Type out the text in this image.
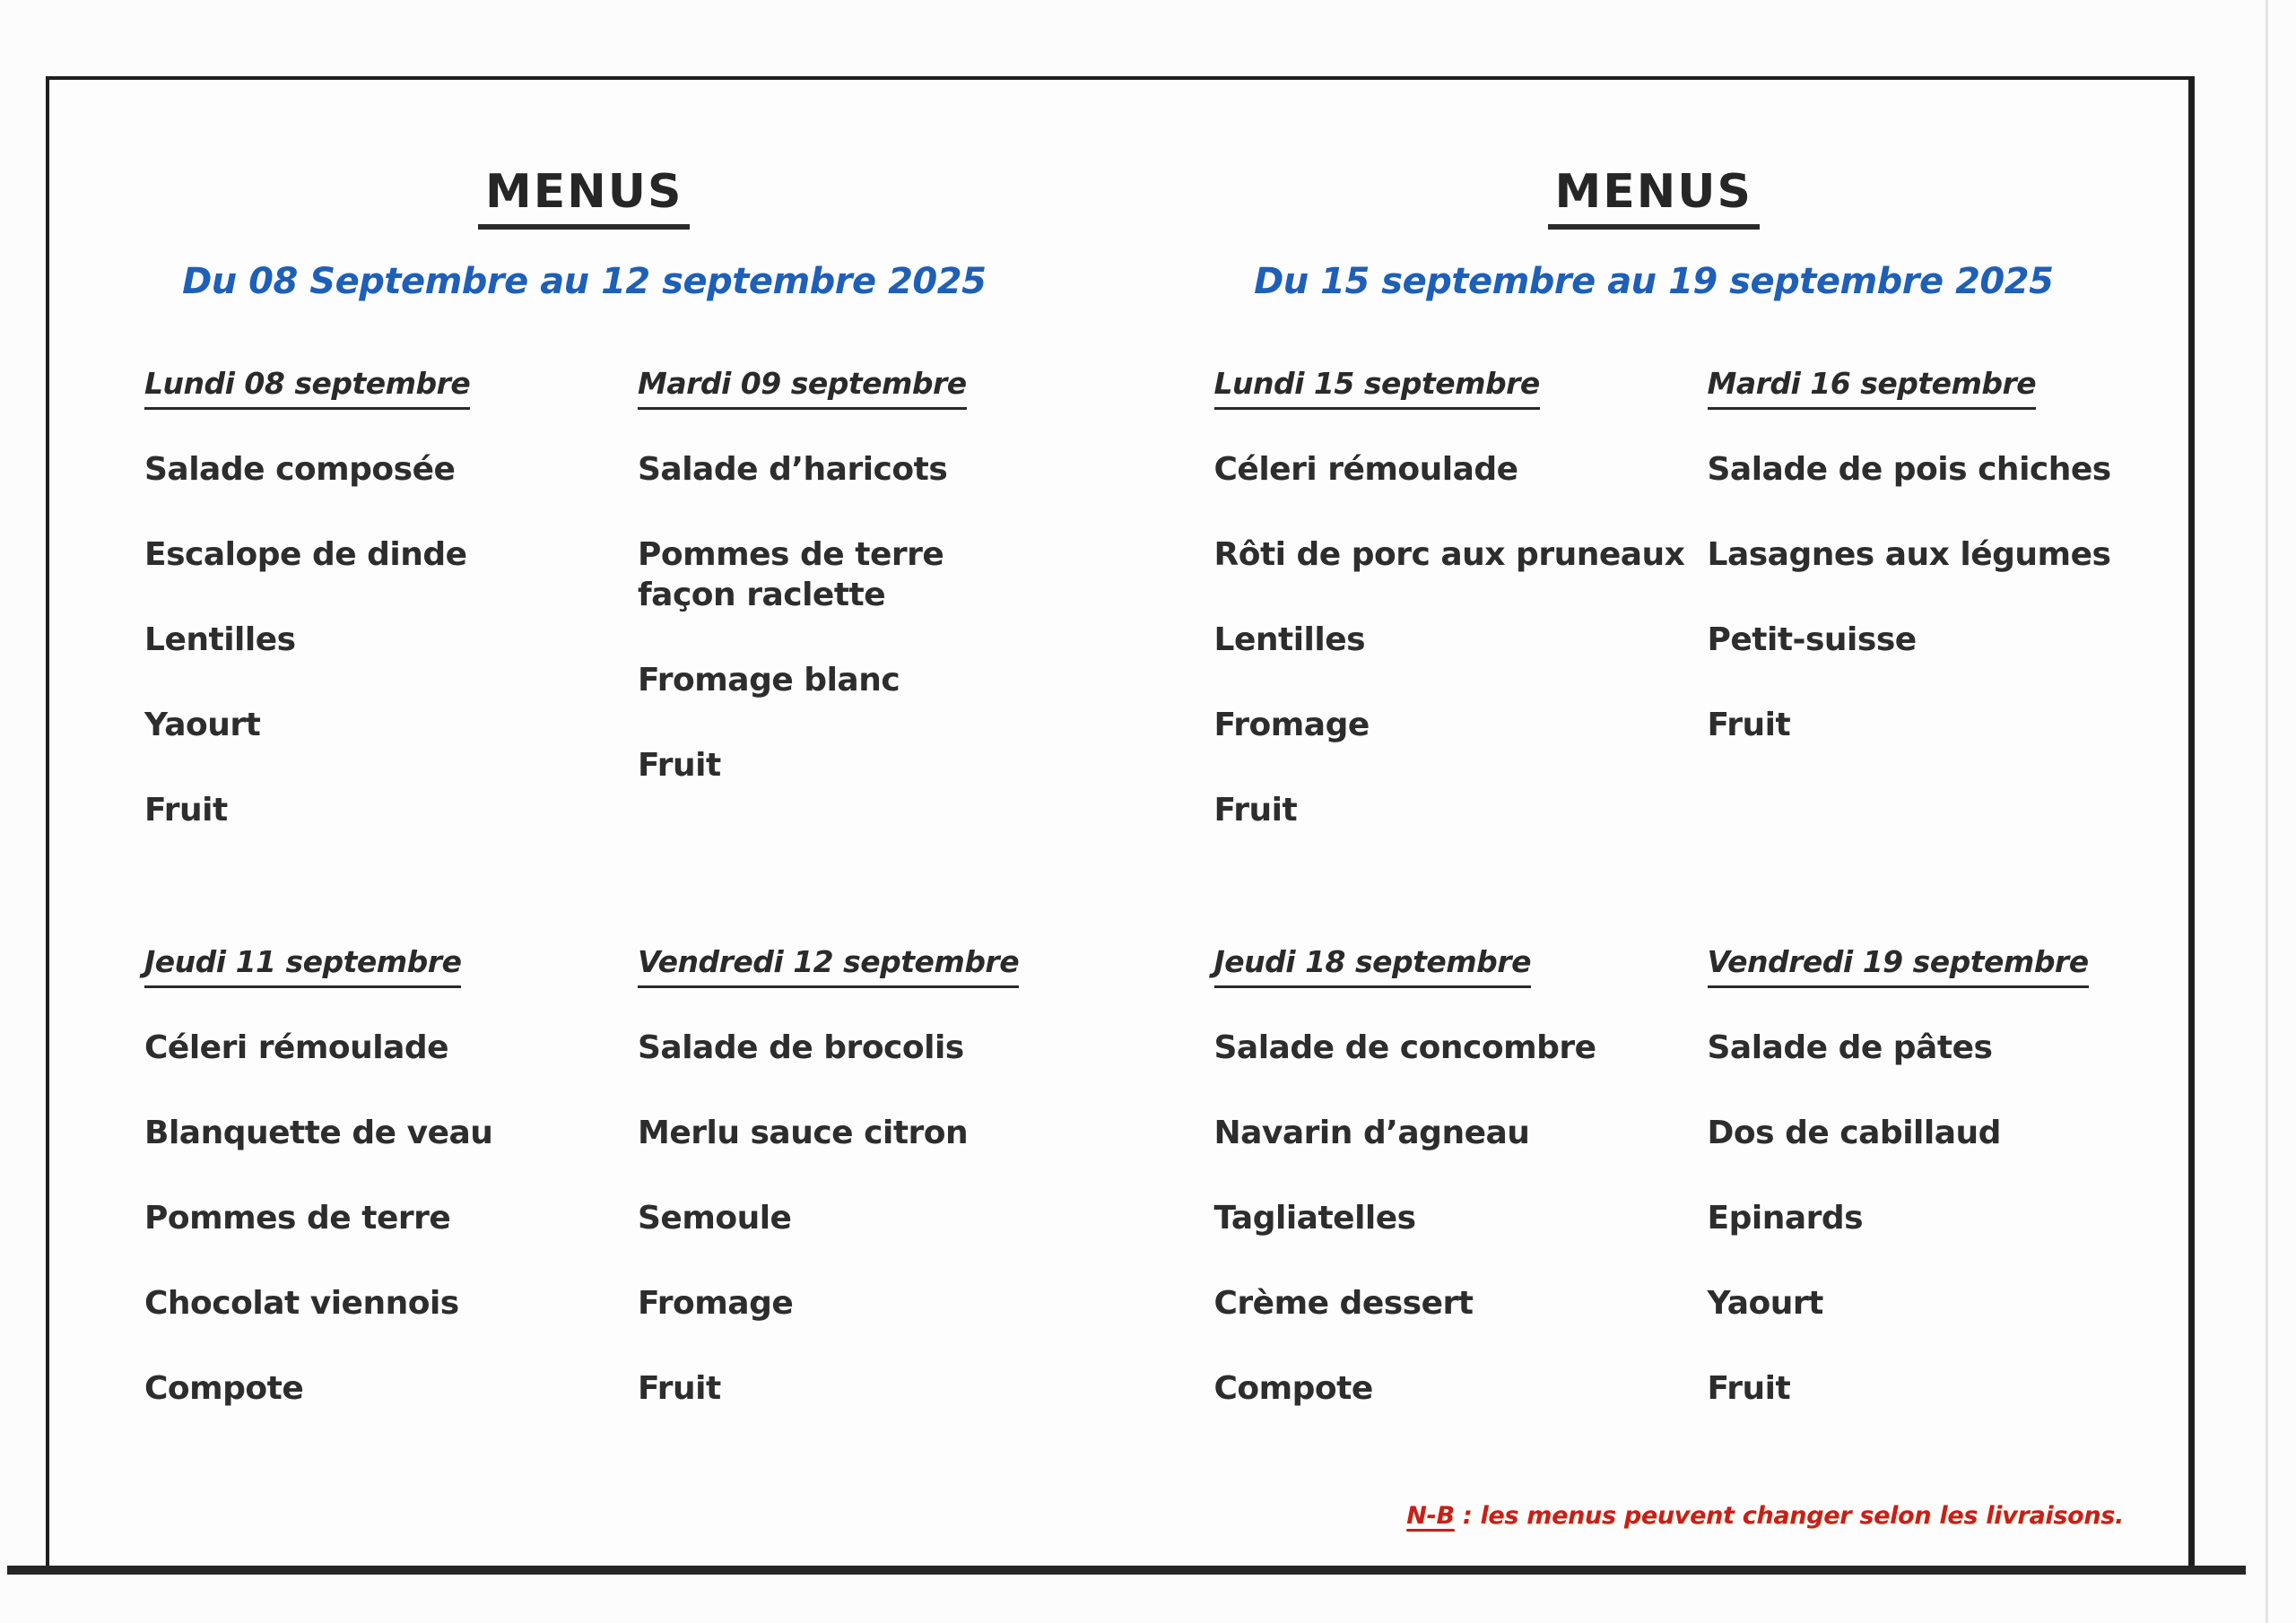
MENUS
Du 08 Septembre au 12 septembre 2025
Lundi 08 septembre
Salade composée
Escalope de dinde
Lentilles
Yaourt
Fruit
Mardi 09 septembre
Salade d’haricots
Pommes de terre
façon raclette
Fromage blanc
Fruit
Jeudi 11 septembre
Céleri rémoulade
Blanquette de veau
Pommes de terre
Chocolat viennois
Compote
Vendredi 12 septembre
Salade de brocolis
Merlu sauce citron
Semoule
Fromage
Fruit
MENUS
Du 15 septembre au 19 septembre 2025
Lundi 15 septembre
Céleri rémoulade
Rôti de porc aux pruneaux
Lentilles
Fromage
Fruit
Mardi 16 septembre
Salade de pois chiches
Lasagnes aux légumes
Petit-suisse
Fruit
Jeudi 18 septembre
Salade de concombre
Navarin d’agneau
Tagliatelles
Crème dessert
Compote
Vendredi 19 septembre
Salade de pâtes
Dos de cabillaud
Epinards
Yaourt
Fruit
N-B : les menus peuvent changer selon les livraisons.
